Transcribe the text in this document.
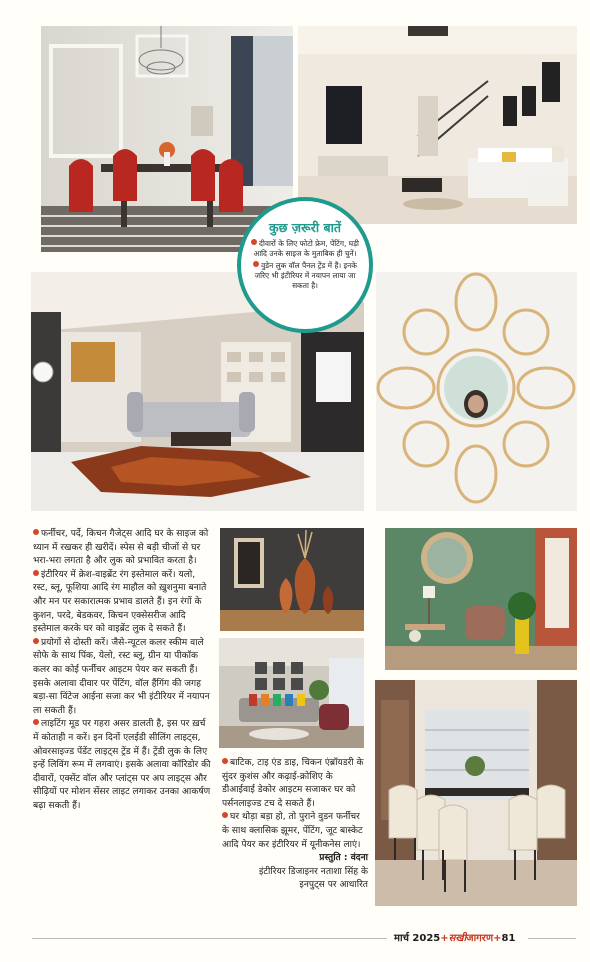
कुछ ज़रूरी बातें
दीवारों के लिए फोटो फ्रेम, पेंटिंग, घड़ी आदि उनके साइज के मुताबिक ही चुनें।
वुडेन लुक वॉल पैनल ट्रेंड में हैं। इनके जरिए भी इंटीरियर में नयापन लाया जा सकता है।

फर्नीचर, पर्दे, किचन गैजेट्स आदि घर के साइज को ध्यान में रखकर ही खरीदें। स्पेस से बड़ी चीजों से घर भरा-भरा लगता है और लुक को प्रभावित करता है।

इंटीरियर में क्रेश-वाइब्रेंट रंग इस्तेमाल करें। यलो, रस्ट, ब्लू, फूशिया आदि रंग माहौल को ख़ुशनुमा बनाते और मन पर सकारात्मक प्रभाव डालते हैं। इन रंगों के कुशन, परदे, बेडकवर, किचन एक्सेसरीज आदि इस्तेमाल करके घर को वाइब्रेंट लुक दे सकते हैं।

प्रयोगों से दोस्ती करें। जैसे-न्यूटल कलर स्कीम वाले सोफे के साथ पिंक, येलो, रस्ट ब्लू, ग्रीन या पीकॉक कलर का कोई फर्नीचर आइटम पेयर कर सकती हैं। इसके अलावा दीवार पर पेंटिंग, वॉल हैंगिंग की जगह बड़ा-सा विंटेज आईना सजा कर भी इंटीरियर में नयापन ला सकती हैं।

लाइटिंग मूड पर गहरा असर डालती है, इस पर ख़र्च में कोताही न करें। इन दिनों एलईडी सीलिंग लाइट्स, ओवरसाइज्ड पेंडेंट लाइट्स ट्रेंड में हैं। ट्रेंडी लुक के लिए इन्हें लिविंग रूम में लगवाएं। इसके अलावा कॉरिडोर की दीवारों, एक्सेंट वॉल और प्लांट्स पर अप लाइट्स और सीढ़ियों पर मोशन सेंसर लाइट लगाकर उनका आकर्षण बढ़ा सकती हैं।

बाटिक, टाइ एंड डाइ, चिकन एंब्रॉयडरी के सुंदर कुशंस और कढ़ाई-क्रोशिए के डीआईवाई डेकोर आइटम सजाकर घर को पर्सनलाइज्ड टच दे सकते हैं।

घर थोड़ा बड़ा हो, तो पुराने वुडन फर्नीचर के साथ क्लासिक झूमर, पेंटिंग, जूट बास्केट आदि पेयर कर इंटीरियर में यूनीकनेस लाएं।

प्रस्तुति : वंदना

इंटीरियर डिजाइनर नताशा सिंह के

इनपुट्स पर आधारित

मार्च 2025+सखीजागरण+81
